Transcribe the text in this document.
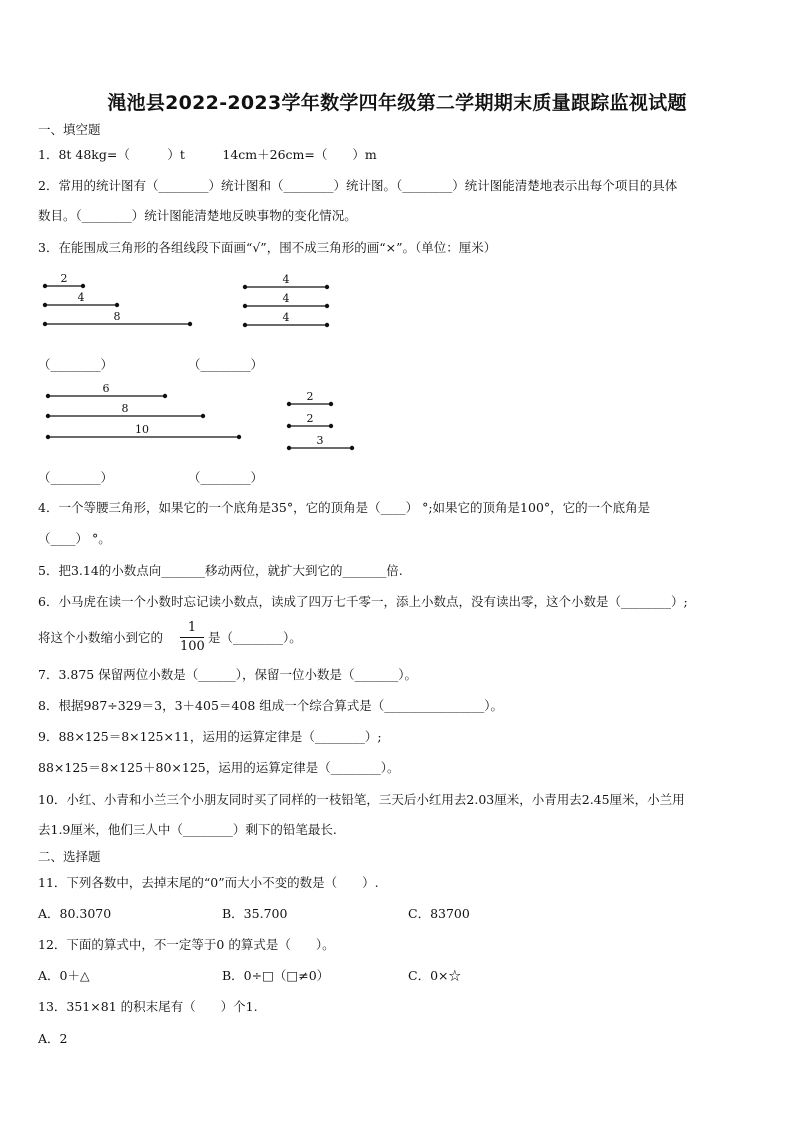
渑池县2022-2023学年数学四年级第二学期期末质量跟踪监视试题
一、填空题
1．8t 48kg=（　　　）t　　　14cm＋26cm=（　　）m
2．常用的统计图有（________）统计图和（________）统计图。（________）统计图能清楚地表示出每个项目的具体
数目。（________）统计图能清楚地反映事物的变化情况。
3．在能围成三角形的各组线段下面画“√”，围不成三角形的画“×”。（单位：厘米）
2
4
8
4
4
4
6
8
10
2
2
3
（________）	（________）
（________）	（________）
4．一个等腰三角形，如果它的一个底角是35°，它的顶角是（____） °;如果它的顶角是100°，它的一个底角是
（____） °。
5．把3.14的小数点向_______移动两位，就扩大到它的_______倍.
6．小马虎在读一个小数时忘记读小数点，读成了四万七千零一，添上小数点，没有读出零，这个小数是（________）;
将这个小数缩小到它的
1
100
是（________）。
7．3.875 保留两位小数是（______），保留一位小数是（_______）。
8．根据987÷329＝3，3＋405＝408 组成一个综合算式是（________________）。
9．88×125＝8×125×11，运用的运算定律是（________）;
88×125＝8×125＋80×125，运用的运算定律是（________）。
10．小红、小青和小兰三个小朋友同时买了同样的一枝铅笔，三天后小红用去2.03厘米，小青用去2.45厘米，小兰用
去1.9厘米，他们三人中（________）剩下的铅笔最长.
二、选择题
11．下列各数中，去掉末尾的“0”而大小不变的数是（　　）.
A．80.3070	B．35.700	C．83700
12．下面的算式中，不一定等于0 的算式是（　　）。
A．0＋△	B．0÷□（□≠0）	C．0×☆
13．351×81 的积末尾有（　　）个1.
A．2
